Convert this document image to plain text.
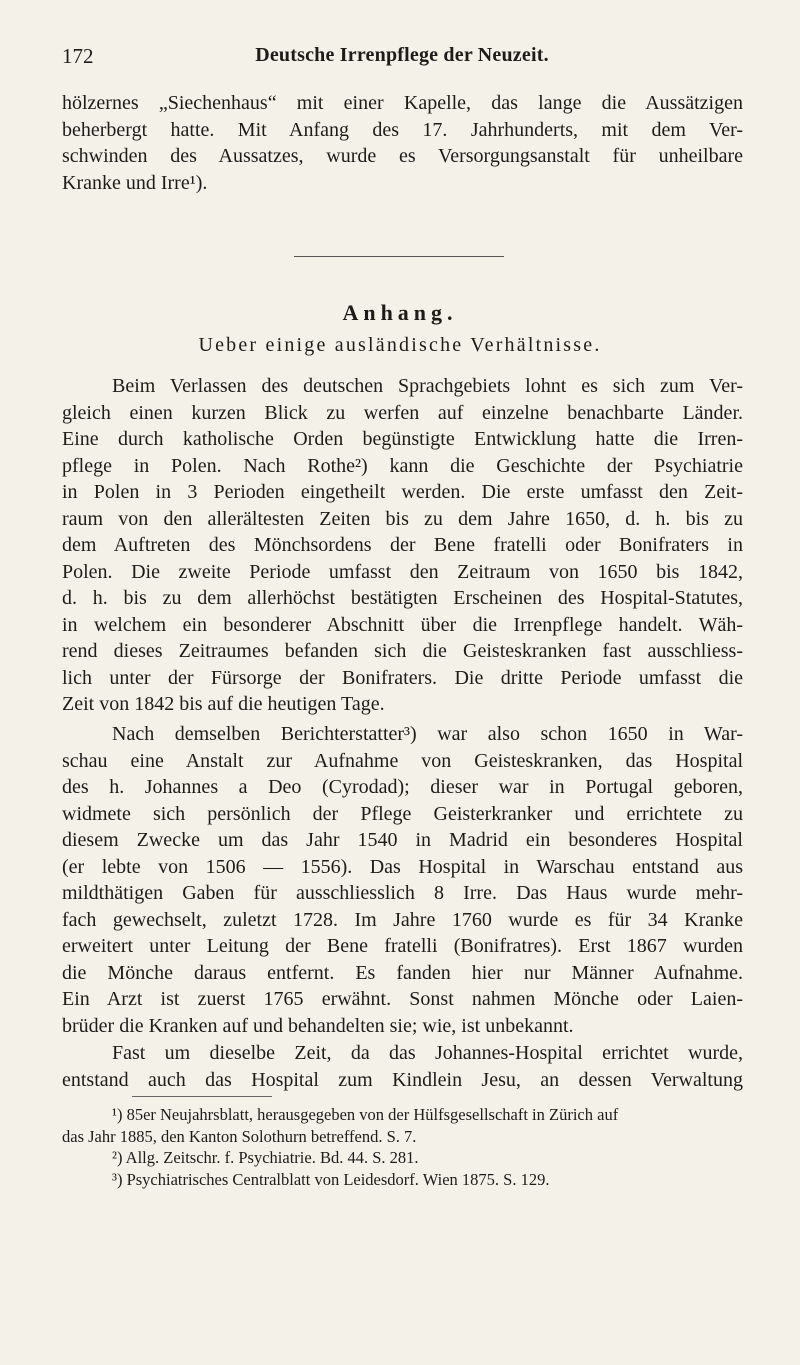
172	Deutsche Irrenpflege der Neuzeit.
hölzernes „Siechenhaus“ mit einer Kapelle, das lange die Aussätzigen
beherbergt hatte. Mit Anfang des 17. Jahrhunderts, mit dem Ver-
schwinden des Aussatzes, wurde es Versorgungsanstalt für unheilbare
Kranke und Irre¹).
Anhang.
Ueber einige ausländische Verhältnisse.
Beim Verlassen des deutschen Sprachgebiets lohnt es sich zum Ver-
gleich einen kurzen Blick zu werfen auf einzelne benachbarte Länder.
Eine durch katholische Orden begünstigte Entwicklung hatte die Irren-
pflege in Polen. Nach Rothe²) kann die Geschichte der Psychiatrie
in Polen in 3 Perioden eingetheilt werden. Die erste umfasst den Zeit-
raum von den allerältesten Zeiten bis zu dem Jahre 1650, d. h. bis zu
dem Auftreten des Mönchsordens der Bene fratelli oder Bonifraters in
Polen. Die zweite Periode umfasst den Zeitraum von 1650 bis 1842,
d. h. bis zu dem allerhöchst bestätigten Erscheinen des Hospital-Statutes,
in welchem ein besonderer Abschnitt über die Irrenpflege handelt. Wäh-
rend dieses Zeitraumes befanden sich die Geisteskranken fast ausschliess-
lich unter der Fürsorge der Bonifraters. Die dritte Periode umfasst die
Zeit von 1842 bis auf die heutigen Tage.
Nach demselben Berichterstatter³) war also schon 1650 in War-
schau eine Anstalt zur Aufnahme von Geisteskranken, das Hospital
des h. Johannes a Deo (Cyrodad); dieser war in Portugal geboren,
widmete sich persönlich der Pflege Geisterkranker und errichtete zu
diesem Zwecke um das Jahr 1540 in Madrid ein besonderes Hospital
(er lebte von 1506 — 1556). Das Hospital in Warschau entstand aus
mildthätigen Gaben für ausschliesslich 8 Irre. Das Haus wurde mehr-
fach gewechselt, zuletzt 1728. Im Jahre 1760 wurde es für 34 Kranke
erweitert unter Leitung der Bene fratelli (Bonifratres). Erst 1867 wurden
die Mönche daraus entfernt. Es fanden hier nur Männer Aufnahme.
Ein Arzt ist zuerst 1765 erwähnt. Sonst nahmen Mönche oder Laien-
brüder die Kranken auf und behandelten sie; wie, ist unbekannt.
Fast um dieselbe Zeit, da das Johannes-Hospital errichtet wurde,
entstand auch das Hospital zum Kindlein Jesu, an dessen Verwaltung
¹) 85er Neujahrsblatt, herausgegeben von der Hülfsgesellschaft in Zürich auf
das Jahr 1885, den Kanton Solothurn betreffend. S. 7.
²) Allg. Zeitschr. f. Psychiatrie. Bd. 44. S. 281.
³) Psychiatrisches Centralblatt von Leidesdorf. Wien 1875. S. 129.
